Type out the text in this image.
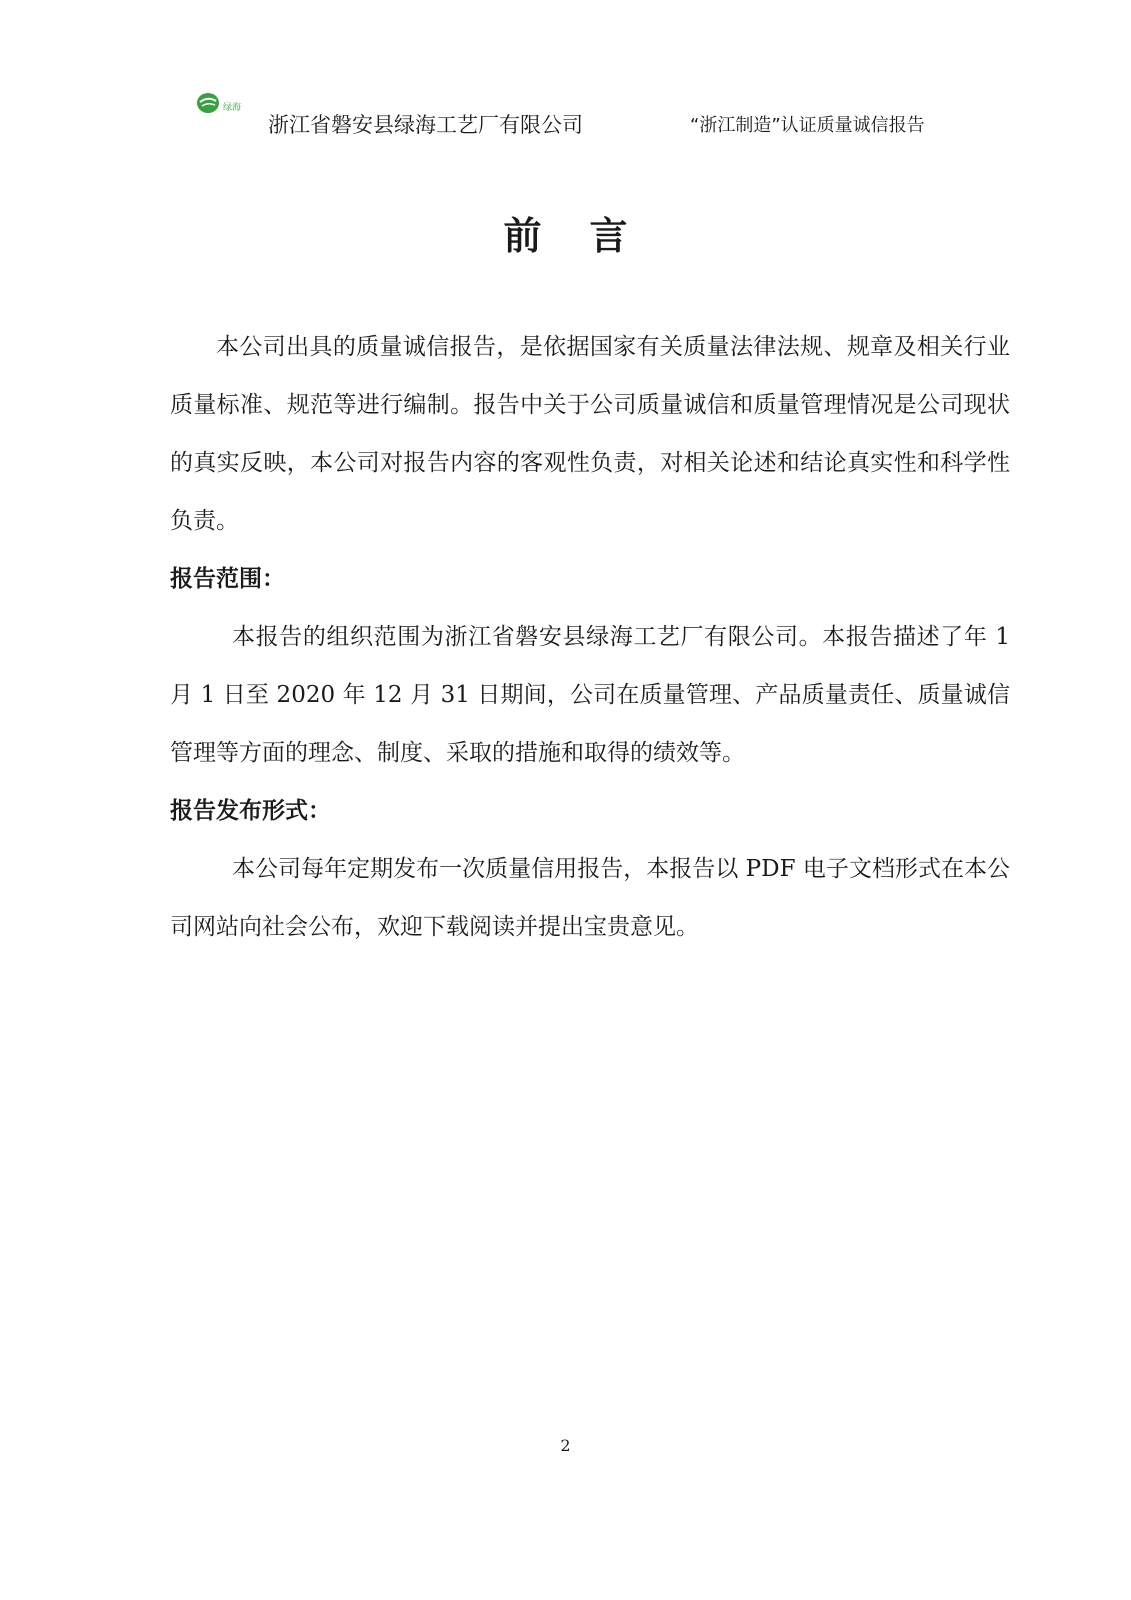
绿海
浙江省磐安县绿海工艺厂有限公司	“浙江制造”认证质量诚信报告
前言

本公司出具的质量诚信报告，是依据国家有关质量法律法规、规章及相关行业质量标准、规范等进行编制。报告中关于公司质量诚信和质量管理情况是公司现状的真实反映，本公司对报告内容的客观性负责，对相关论述和结论真实性和科学性负责。

报告范围：

本报告的组织范围为浙江省磐安县绿海工艺厂有限公司。本报告描述了年 1 月 1 日至 2020 年 12 月 31 日期间，公司在质量管理、产品质量责任、质量诚信管理等方面的理念、制度、采取的措施和取得的绩效等。

报告发布形式：

本公司每年定期发布一次质量信用报告，本报告以 PDF 电子文档形式在本公司网站向社会公布，欢迎下载阅读并提出宝贵意见。

2
